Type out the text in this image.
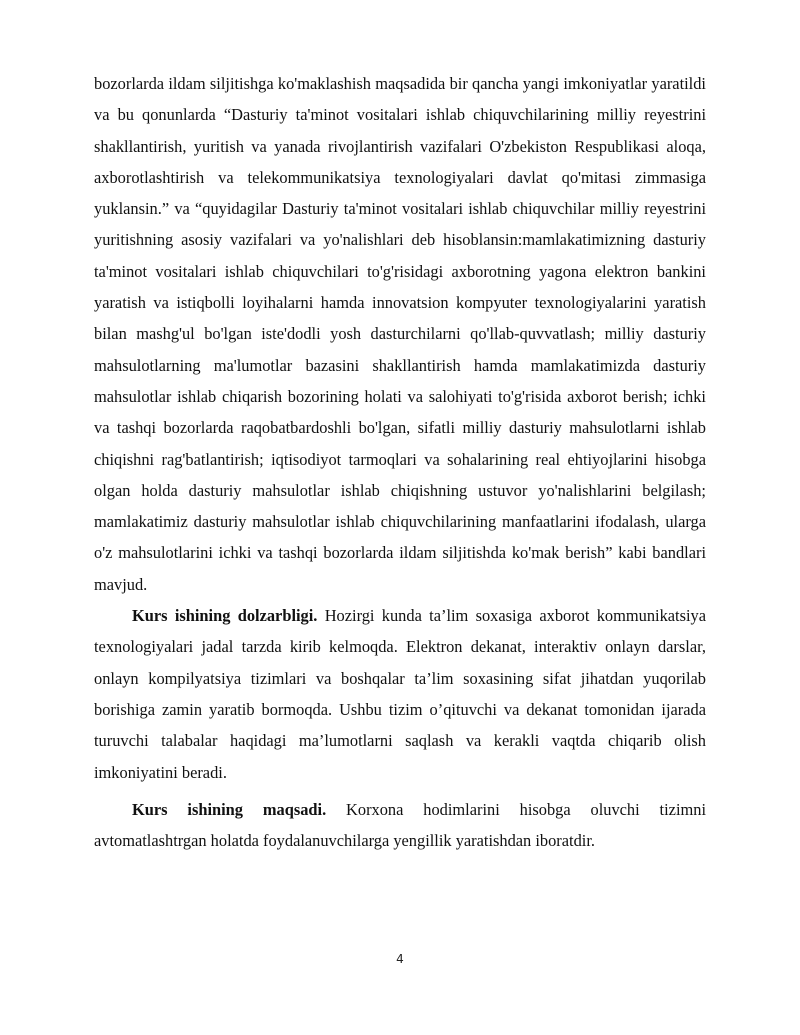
bozorlarda ildam siljitishga ko'maklashish maqsadida bir qancha yangi imkoniyatlar yaratildi va bu qonunlarda “Dasturiy ta'minot vositalari ishlab chiquvchilarining milliy reyestrini shakllantirish, yuritish va yanada rivojlantirish vazifalari O'zbekiston Respublikasi aloqa, axborotlashtirish va telekommunikatsiya texnologiyalari davlat qo'mitasi zimmasiga yuklansin.” va “quyidagilar Dasturiy ta'minot vositalari ishlab chiquvchilar milliy reyestrini yuritishning asosiy vazifalari va yo'nalishlari deb hisoblansin:mamlakatimizning dasturiy ta'minot vositalari ishlab chiquvchilari to'g'risidagi axborotning yagona elektron bankini yaratish va istiqbolli loyihalarni hamda innovatsion kompyuter texnologiyalarini yaratish bilan mashg'ul bo'lgan iste'dodli yosh dasturchilarni qo'llab-quvvatlash; milliy dasturiy mahsulotlarning ma'lumotlar bazasini shakllantirish hamda mamlakatimizda dasturiy mahsulotlar ishlab chiqarish bozorining holati va salohiyati to'g'risida axborot berish; ichki va tashqi bozorlarda raqobatbardoshli bo'lgan, sifatli milliy dasturiy mahsulotlarni ishlab chiqishni rag'batlantirish; iqtisodiyot tarmoqlari va sohalarining real ehtiyojlarini hisobga olgan holda dasturiy mahsulotlar ishlab chiqishning ustuvor yo'nalishlarini belgilash; mamlakatimiz dasturiy mahsulotlar ishlab chiquvchilarining manfaatlarini ifodalash, ularga o'z mahsulotlarini ichki va tashqi bozorlarda ildam siljitishda ko'mak berish” kabi bandlari mavjud.

Kurs ishining dolzarbligi. Hozirgi kunda ta’lim soxasiga axborot kommunikatsiya texnologiyalari jadal tarzda kirib kelmoqda. Elektron dekanat, interaktiv onlayn darslar, onlayn kompilyatsiya tizimlari va boshqalar ta’lim soxasining sifat jihatdan yuqorilab borishiga zamin yaratib bormoqda. Ushbu tizim o’qituvchi va dekanat tomonidan ijarada turuvchi talabalar haqidagi ma’lumotlarni saqlash va kerakli vaqtda chiqarib olish imkoniyatini beradi.

Kurs ishining maqsadi. Korxona hodimlarini hisobga oluvchi tizimni avtomatlashtrgan holatda foydalanuvchilarga yengillik yaratishdan iboratdir.

4
